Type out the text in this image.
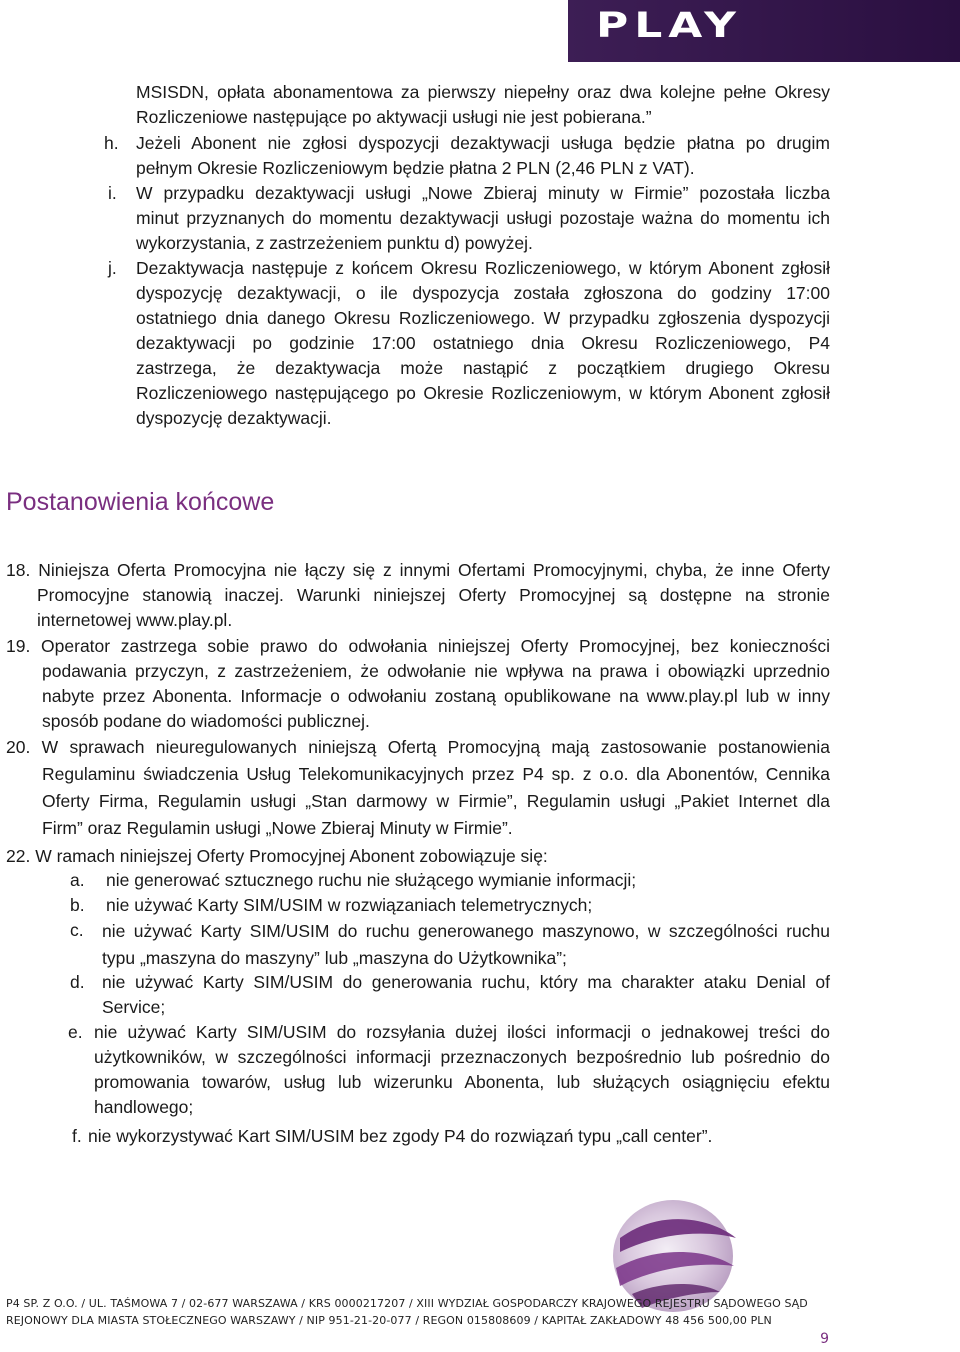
PLAY
MSISDN, opłata abonamentowa za pierwszy niepełny oraz dwa kolejne pełne Okresy
Rozliczeniowe następujące po aktywacji usługi nie jest pobierana.”
h. Jeżeli Abonent nie zgłosi dyspozycji dezaktywacji usługa będzie płatna po drugim
pełnym Okresie Rozliczeniowym będzie płatna 2 PLN (2,46 PLN z VAT).
i. W przypadku dezaktywacji usługi „Nowe Zbieraj minuty w Firmie” pozostała liczba
minut przyznanych do momentu dezaktywacji usługi pozostaje ważna do momentu ich
wykorzystania, z zastrzeżeniem punktu d) powyżej.
j. Dezaktywacja następuje z końcem Okresu Rozliczeniowego, w którym Abonent zgłosił
dyspozycję dezaktywacji, o ile dyspozycja została zgłoszona do godziny 17:00
ostatniego dnia danego Okresu Rozliczeniowego. W przypadku zgłoszenia dyspozycji
dezaktywacji po godzinie 17:00 ostatniego dnia Okresu Rozliczeniowego, P4
zastrzega, że dezaktywacja może nastąpić z początkiem drugiego Okresu
Rozliczeniowego następującego po Okresie Rozliczeniowym, w którym Abonent zgłosił
dyspozycję dezaktywacji.
Postanowienia końcowe
18. Niniejsza Oferta Promocyjna nie łączy się z innymi Ofertami Promocyjnymi, chyba, że inne Oferty
Promocyjne stanowią inaczej. Warunki niniejszej Oferty Promocyjnej są dostępne na stronie
internetowej www.play.pl.
19. Operator zastrzega sobie prawo do odwołania niniejszej Oferty Promocyjnej, bez konieczności
podawania przyczyn, z zastrzeżeniem, że odwołanie nie wpływa na prawa i obowiązki uprzednio
nabyte przez Abonenta. Informacje o odwołaniu zostaną opublikowane na www.play.pl lub w inny
sposób podane do wiadomości publicznej.
20. W sprawach nieuregulowanych niniejszą Ofertą Promocyjną mają zastosowanie postanowienia
Regulaminu świadczenia Usług Telekomunikacyjnych przez P4 sp. z o.o. dla Abonentów, Cennika
Oferty Firma, Regulamin usługi „Stan darmowy w Firmie”, Regulamin usługi „Pakiet Internet dla
Firm” oraz Regulamin usługi „Nowe Zbieraj Minuty w Firmie”.
22. W ramach niniejszej Oferty Promocyjnej Abonent zobowiązuje się:
a. nie generować sztucznego ruchu nie służącego wymianie informacji;
b. nie używać Karty SIM/USIM w rozwiązaniach telemetrycznych;
c. nie używać Karty SIM/USIM do ruchu generowanego maszynowo, w szczególności ruchu
typu „maszyna do maszyny” lub „maszyna do Użytkownika”;
d. nie używać Karty SIM/USIM do generowania ruchu, który ma charakter ataku Denial of
Service;
e. nie używać Karty SIM/USIM do rozsyłania dużej ilości informacji o jednakowej treści do
użytkowników, w szczególności informacji przeznaczonych bezpośrednio lub pośrednio do
promowania towarów, usług lub wizerunku Abonenta, lub służących osiągnięciu efektu
handlowego;
f. nie wykorzystywać Kart SIM/USIM bez zgody P4 do rozwiązań typu „call center”.
P4 SP. Z O.O. / UL. TAŚMOWA 7 / 02-677 WARSZAWA / KRS 0000217207 / XIII WYDZIAŁ GOSPODARCZY KRAJOWEGO REJESTRU SĄDOWEGO SĄD
REJONOWY DLA MIASTA STOŁECZNEGO WARSZAWY / NIP 951-21-20-077 / REGON 015808609 / KAPITAŁ ZAKŁADOWY 48 456 500,00 PLN
9
